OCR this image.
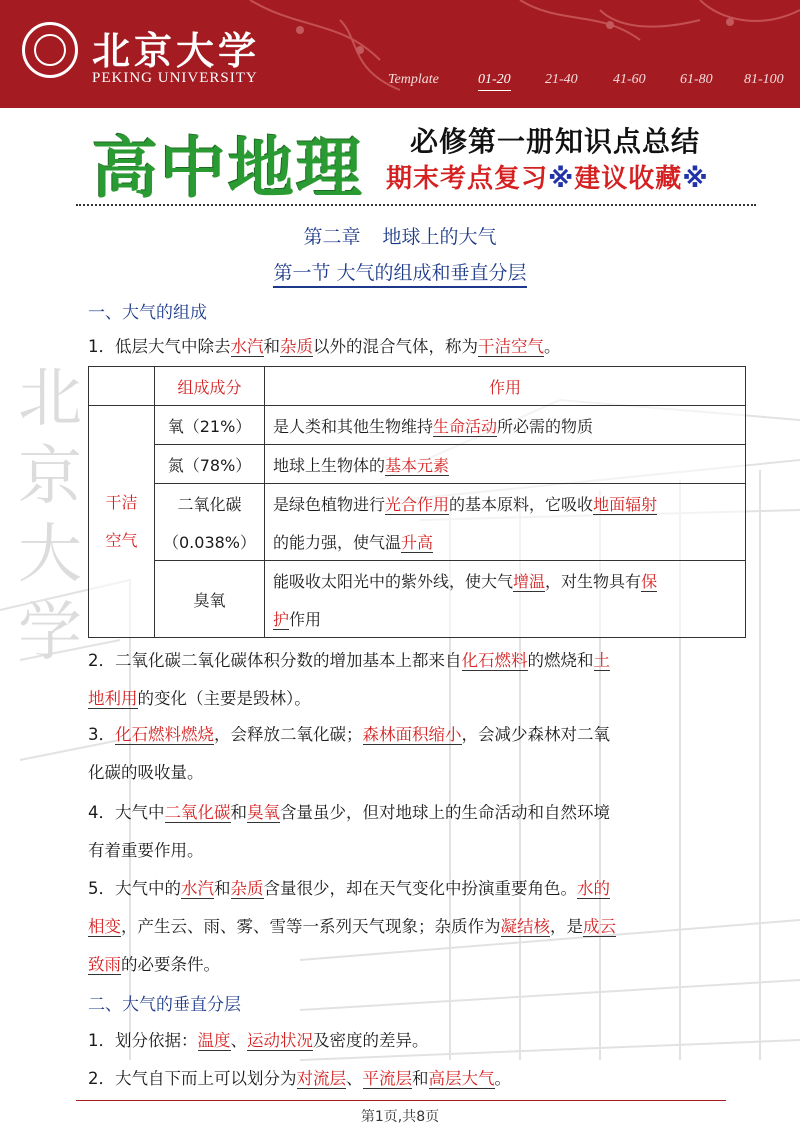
北京大学
PEKING UNIVERSITY	Template	01-20 21-40	41-60 61-80 81-100
北
京
大
学
高中地理 必修第一册知识点总结
期末考点复习※建议收藏※
第二章 地球上的大气
第一节 大气的组成和垂直分层
一、大气的组成
1．低层大气中除去水汽和杂质以外的混合气体，称为干洁空气。
	组成成分	作用
干洁空气	氧（21%）	是人类和其他生物维持生命活动所必需的物质
	氮（78%）	地球上生物体的基本元素
	二氧化碳	是绿色植物进行光合作用的基本原料，它吸收地面辐射
	（0.038%）	的能力强，使气温升高
	臭氧	能吸收太阳光中的紫外线，使大气增温，对生物具有保
		护作用
2．二氧化碳二氧化碳体积分数的增加基本上都来自化石燃料的燃烧和土
地利用的变化（主要是毁林）。
3．化石燃料燃烧，会释放二氧化碳；森林面积缩小，会减少森林对二氧
化碳的吸收量。
4．大气中二氧化碳和臭氧含量虽少，但对地球上的生命活动和自然环境
有着重要作用。
5．大气中的水汽和杂质含量很少，却在天气变化中扮演重要角色。水的
相变，产生云、雨、雾、雪等一系列天气现象；杂质作为凝结核，是成云
致雨的必要条件。
二、大气的垂直分层
1．划分依据：温度、运动状况及密度的差异。
2．大气自下而上可以划分为对流层、平流层和高层大气。
第1页,共8页
